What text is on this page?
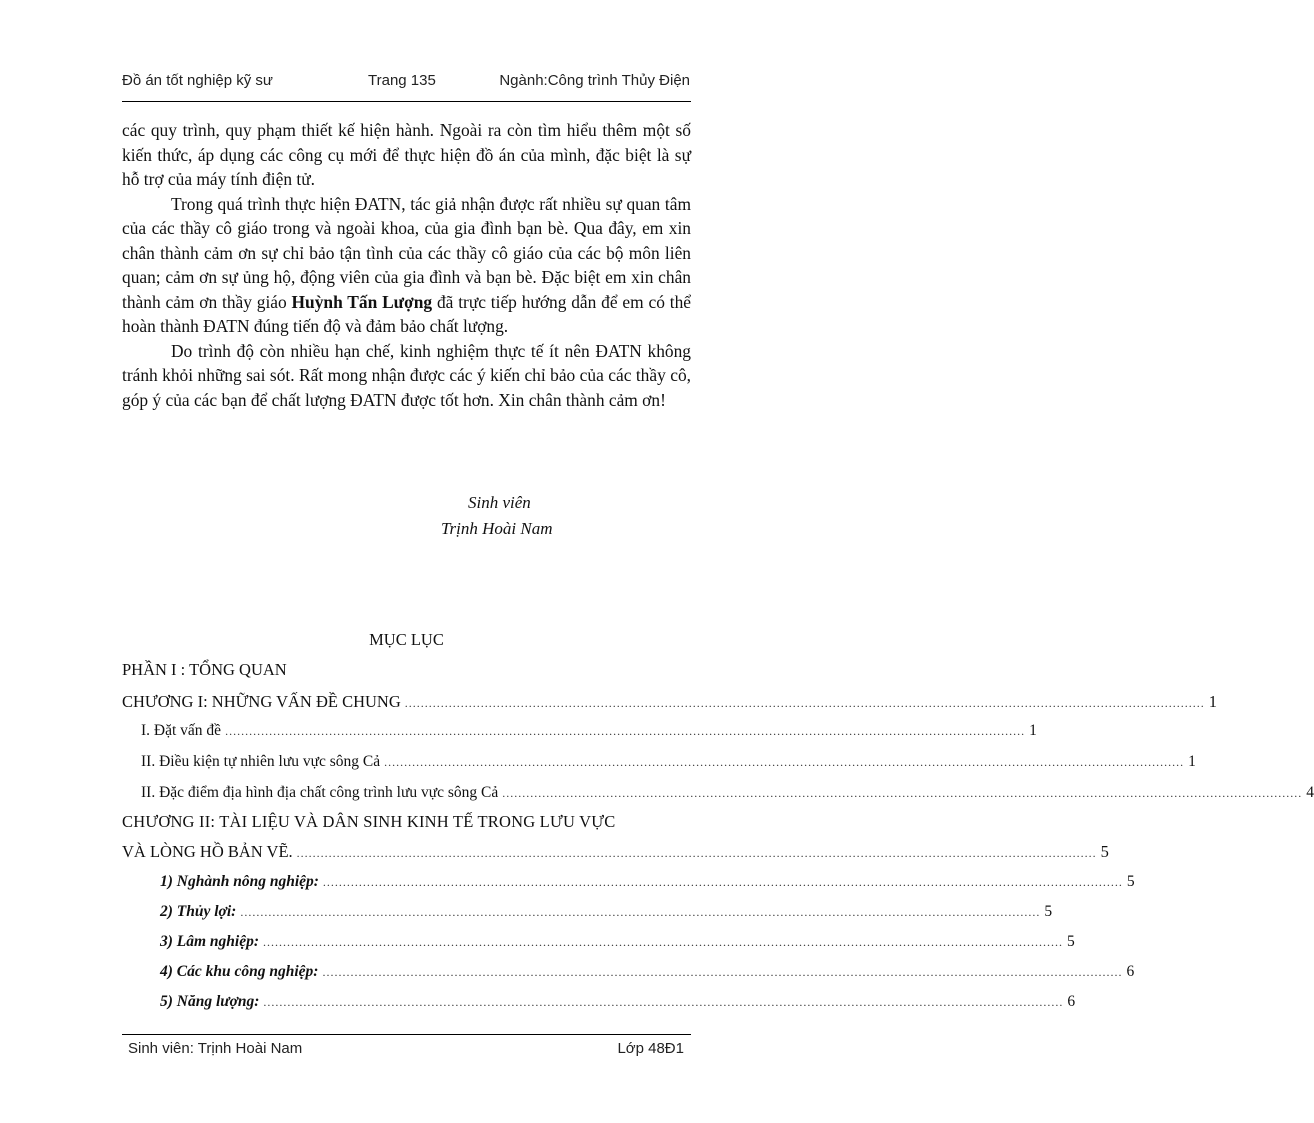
Đồ án tốt nghiệp kỹ sư	Trang 135	Ngành:Công trình Thủy Điện

các quy trình, quy phạm thiết kế hiện hành. Ngoài ra còn tìm hiểu thêm một số kiến thức, áp dụng các công cụ mới để thực hiện đồ án của mình, đặc biệt là sự hỗ trợ của máy tính điện tử.

Trong quá trình thực hiện ĐATN, tác giả nhận được rất nhiều sự quan tâm của các thầy cô giáo trong và ngoài khoa, của gia đình bạn bè. Qua đây, em xin chân thành cảm ơn sự chỉ bảo tận tình của các thầy cô giáo của các bộ môn liên quan; cảm ơn sự ủng hộ, động viên của gia đình và bạn bè. Đặc biệt em xin chân thành cảm ơn thầy giáo Huỳnh Tấn Lượng đã trực tiếp hướng dẫn để em có thể hoàn thành ĐATN đúng tiến độ và đảm bảo chất lượng.

Do trình độ còn nhiều hạn chế, kinh nghiệm thực tế ít nên ĐATN không tránh khỏi những sai sót. Rất mong nhận được các ý kiến chỉ bảo của các thầy cô, góp ý của các bạn để chất lượng ĐATN được tốt hơn. Xin chân thành cảm ơn!

Sinh viên
Trịnh Hoài Nam
MỤC LỤC
PHẦN I : TỔNG QUAN
CHƯƠNG I: NHỮNG VẤN ĐỀ CHUNG ........................................................................................................................................................................................................ 1
I. Đặt vấn đề ........................................................................................................................................................................................................ 1
II. Điều kiện tự nhiên lưu vực sông Cả ........................................................................................................................................................................................................ 1
II. Đặc điểm địa hình địa chất công trình lưu vực sông Cả ........................................................................................................................................................................................................ 4
CHƯƠNG II: TÀI LIỆU VÀ DÂN SINH KINH TẾ TRONG LƯU VỰC
VÀ LÒNG HỒ BẢN VẼ. ........................................................................................................................................................................................................ 5
1) Nghành nông nghiệp: ........................................................................................................................................................................................................ 5
2) Thủy lợi: ........................................................................................................................................................................................................ 5
3) Lâm nghiệp: ........................................................................................................................................................................................................ 5
4) Các khu công nghiệp: ........................................................................................................................................................................................................ 6
5) Năng lượng: ........................................................................................................................................................................................................ 6
Sinh viên: Trịnh Hoài Nam	Lớp 48Đ1
